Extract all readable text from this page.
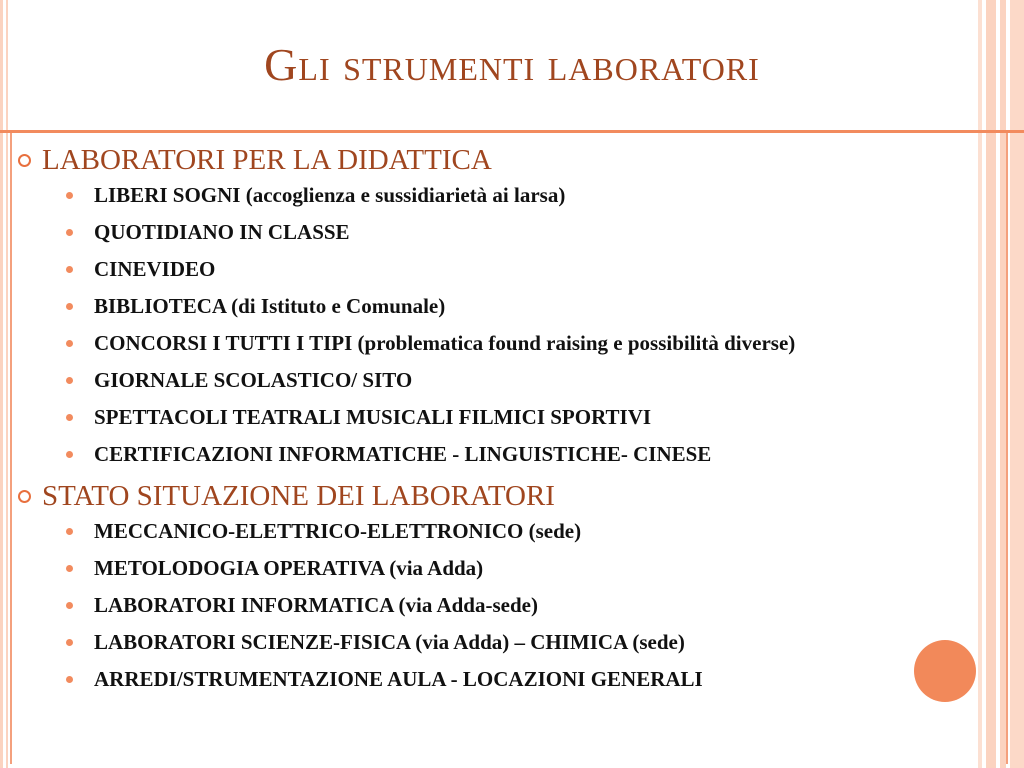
Gli strumenti laboratori
LABORATORI PER LA DIDATTICA
LIBERI SOGNI (accoglienza e sussidiarietà ai larsa)
QUOTIDIANO IN CLASSE
CINEVIDEO
BIBLIOTECA (di Istituto e Comunale)
CONCORSI I TUTTI I TIPI (problematica found raising e possibilità diverse)
GIORNALE SCOLASTICO/ SITO
SPETTACOLI TEATRALI MUSICALI FILMICI SPORTIVI
CERTIFICAZIONI INFORMATICHE - LINGUISTICHE- CINESE
STATO SITUAZIONE DEI LABORATORI
MECCANICO-ELETTRICO-ELETTRONICO (sede)
METOLODOGIA OPERATIVA (via Adda)
LABORATORI INFORMATICA (via Adda-sede)
LABORATORI SCIENZE-FISICA (via Adda) – CHIMICA (sede)
ARREDI/STRUMENTAZIONE AULA - LOCAZIONI GENERALI
